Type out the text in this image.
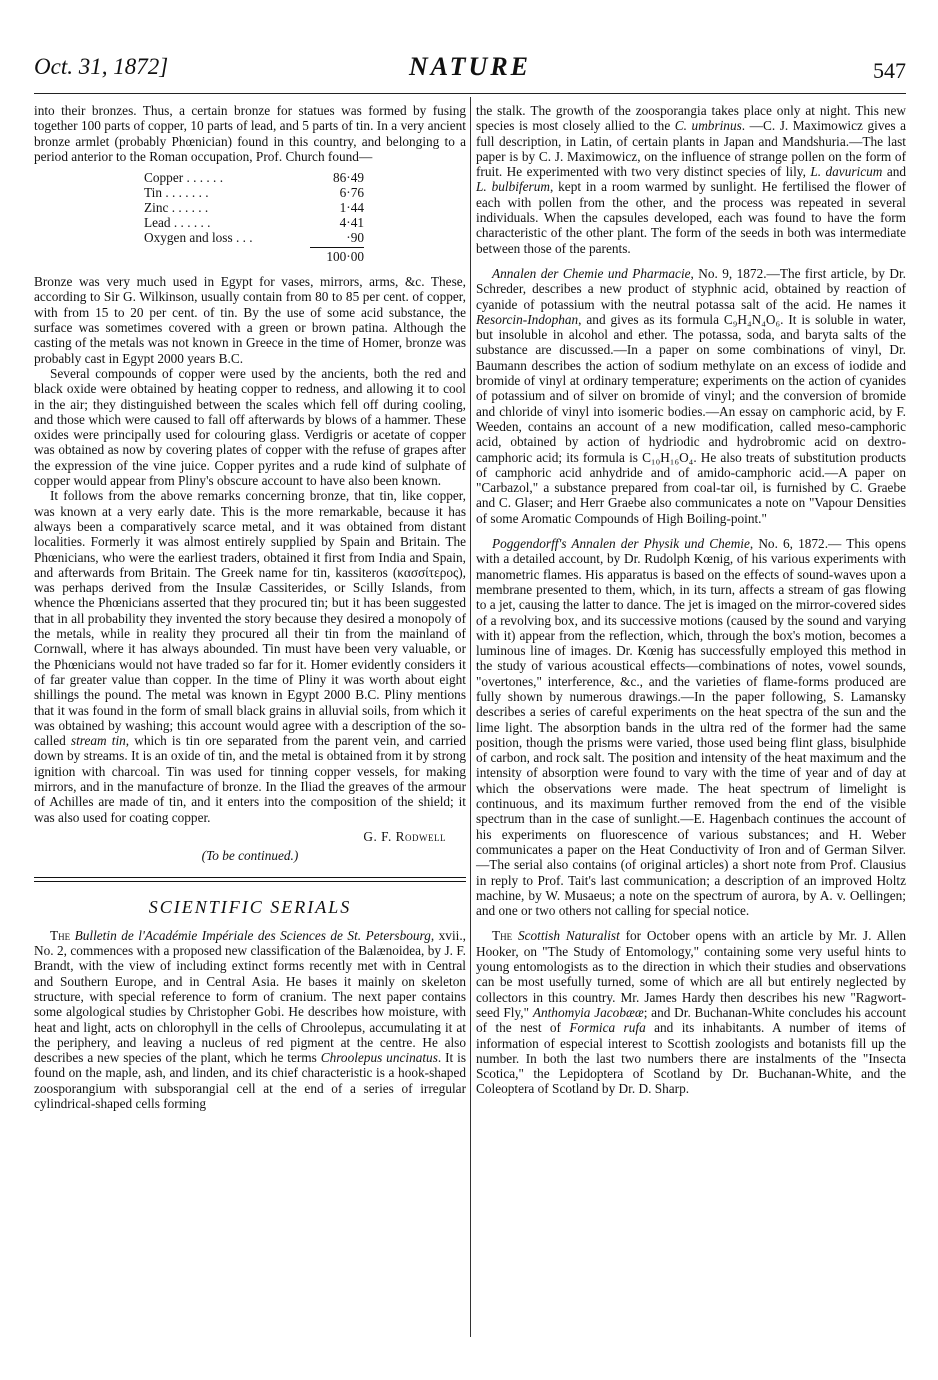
Oct. 31, 1872]	NATURE	547

into their bronzes. Thus, a certain bronze for statues was formed by fusing together 100 parts of copper, 10 parts of lead, and 5 parts of tin. In a very ancient bronze armlet (probably Phœnician) found in this country, and belonging to a period anterior to the Roman occupation, Prof. Church found—

Copper . . . . . .	86·49
Tin . . . . . . .	6·76
Zinc . . . . . .	1·44
Lead . . . . . .	4·41
Oxygen and loss . . .	·90
100·00

Bronze was very much used in Egypt for vases, mirrors, arms, &c. These, according to Sir G. Wilkinson, usually contain from 80 to 85 per cent. of copper, with from 15 to 20 per cent. of tin. By the use of some acid substance, the surface was sometimes covered with a green or brown patina. Although the casting of the metals was not known in Greece in the time of Homer, bronze was probably cast in Egypt 2000 years B.C.

Several compounds of copper were used by the ancients, both the red and black oxide were obtained by heating copper to redness, and allowing it to cool in the air; they distinguished between the scales which fell off during cooling, and those which were caused to fall off afterwards by blows of a hammer. These oxides were principally used for colouring glass. Verdigris or acetate of copper was obtained as now by covering plates of copper with the refuse of grapes after the expression of the vine juice. Copper pyrites and a rude kind of sulphate of copper would appear from Pliny's obscure account to have also been known.

It follows from the above remarks concerning bronze, that tin, like copper, was known at a very early date. This is the more remarkable, because it has always been a comparatively scarce metal, and it was obtained from distant localities. Formerly it was almost entirely supplied by Spain and Britain. The Phœnicians, who were the earliest traders, obtained it first from India and Spain, and afterwards from Britain. The Greek name for tin, kassiteros (κασσίτερος), was perhaps derived from the Insulæ Cassiterides, or Scilly Islands, from whence the Phœnicians asserted that they procured tin; but it has been suggested that in all probability they invented the story because they desired a monopoly of the metals, while in reality they procured all their tin from the mainland of Cornwall, where it has always abounded. Tin must have been very valuable, or the Phœnicians would not have traded so far for it. Homer evidently considers it of far greater value than copper. In the time of Pliny it was worth about eight shillings the pound. The metal was known in Egypt 2000 B.C. Pliny mentions that it was found in the form of small black grains in alluvial soils, from which it was obtained by washing; this account would agree with a description of the so-called stream tin, which is tin ore separated from the parent vein, and carried down by streams. It is an oxide of tin, and the metal is obtained from it by strong ignition with charcoal. Tin was used for tinning copper vessels, for making mirrors, and in the manufacture of bronze. In the Iliad the greaves of the armour of Achilles are made of tin, and it enters into the composition of the shield; it was also used for coating copper.

G. F. Rodwell
(To be continued.)
SCIENTIFIC SERIALS

The Bulletin de l'Académie Impériale des Sciences de St. Petersbourg, xvii., No. 2, commences with a proposed new classification of the Balænoidea, by J. F. Brandt, with the view of including extinct forms recently met with in Central and Southern Europe, and in Central Asia. He bases it mainly on skeleton structure, with special reference to form of cranium. The next paper contains some algological studies by Christopher Gobi. He describes how moisture, with heat and light, acts on chlorophyll in the cells of Chroolepus, accumulating it at the periphery, and leaving a nucleus of red pigment at the centre. He also describes a new species of the plant, which he terms Chroolepus uncinatus. It is found on the maple, ash, and linden, and its chief characteristic is a hook-shaped zoosporangium with subsporangial cell at the end of a series of irregular cylindrical-shaped cells forming

the stalk. The growth of the zoosporangia takes place only at night. This new species is most closely allied to the C. umbrinus. —C. J. Maximowicz gives a full description, in Latin, of certain plants in Japan and Mandshuria.—The last paper is by C. J. Maximowicz, on the influence of strange pollen on the form of fruit. He experimented with two very distinct species of lily, L. davuricum and L. bulbiferum, kept in a room warmed by sunlight. He fertilised the flower of each with pollen from the other, and the process was repeated in several individuals. When the capsules developed, each was found to have the form characteristic of the other plant. The form of the seeds in both was intermediate between those of the parents.

Annalen der Chemie und Pharmacie, No. 9, 1872.—The first article, by Dr. Schreder, describes a new product of styphnic acid, obtained by reaction of cyanide of potassium with the neutral potassa salt of the acid. He names it Resorcin-Indophan, and gives as its formula C₉H₄N₄O₆. It is soluble in water, but insoluble in alcohol and ether. The potassa, soda, and baryta salts of the substance are discussed.—In a paper on some combinations of vinyl, Dr. Baumann describes the action of sodium methylate on an excess of iodide and bromide of vinyl at ordinary temperature; experiments on the action of cyanides of potassium and of silver on bromide of vinyl; and the conversion of bromide and chloride of vinyl into isomeric bodies.—An essay on camphoric acid, by F. Weeden, contains an account of a new modification, called meso-camphoric acid, obtained by action of hydriodic and hydrobromic acid on dextro-camphoric acid; its formula is C₁₀H₁₆O₄. He also treats of substitution products of camphoric acid anhydride and of amido-camphoric acid.—A paper on "Carbazol," a substance prepared from coal-tar oil, is furnished by C. Graebe and C. Glaser; and Herr Graebe also communicates a note on "Vapour Densities of some Aromatic Compounds of High Boiling-point."

Poggendorff's Annalen der Physik und Chemie, No. 6, 1872.— This opens with a detailed account, by Dr. Rudolph Kœnig, of his various experiments with manometric flames. His apparatus is based on the effects of sound-waves upon a membrane presented to them, which, in its turn, affects a stream of gas flowing to a jet, causing the latter to dance. The jet is imaged on the mirror-covered sides of a revolving box, and its successive motions (caused by the sound and varying with it) appear from the reflection, which, through the box's motion, becomes a luminous line of images. Dr. Kœnig has successfully employed this method in the study of various acoustical effects—combinations of notes, vowel sounds, "overtones," interference, &c., and the varieties of flame-forms produced are fully shown by numerous drawings.—In the paper following, S. Lamansky describes a series of careful experiments on the heat spectra of the sun and the lime light. The absorption bands in the ultra red of the former had the same position, though the prisms were varied, those used being flint glass, bisulphide of carbon, and rock salt. The position and intensity of the heat maximum and the intensity of absorption were found to vary with the time of year and of day at which the observations were made. The heat spectrum of limelight is continuous, and its maximum further removed from the end of the visible spectrum than in the case of sunlight.—E. Hagenbach continues the account of his experiments on fluorescence of various substances; and H. Weber communicates a paper on the Heat Conductivity of Iron and of German Silver.—The serial also contains (of original articles) a short note from Prof. Clausius in reply to Prof. Tait's last communication; a description of an improved Holtz machine, by W. Musaeus; a note on the spectrum of aurora, by A. v. Oellingen; and one or two others not calling for special notice.

The Scottish Naturalist for October opens with an article by Mr. J. Allen Hooker, on "The Study of Entomology," containing some very useful hints to young entomologists as to the direction in which their studies and observations can be most usefully turned, some of which are all but entirely neglected by collectors in this country. Mr. James Hardy then describes his new "Ragwort-seed Fly," Anthomyia Jacobææ; and Dr. Buchanan-White concludes his account of the nest of Formica rufa and its inhabitants. A number of items of information of especial interest to Scottish zoologists and botanists fill up the number. In both the last two numbers there are instalments of the "Insecta Scotica," the Lepidoptera of Scotland by Dr. Buchanan-White, and the Coleoptera of Scotland by Dr. D. Sharp.
